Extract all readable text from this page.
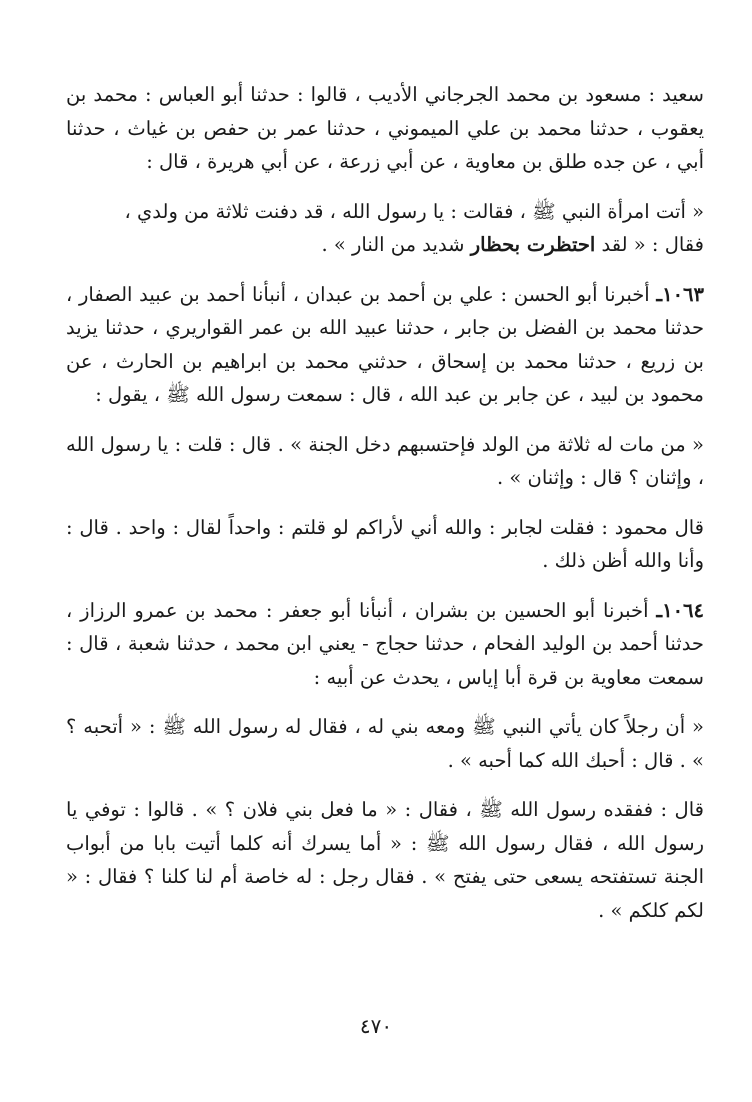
سعيد : مسعود بن محمد الجرجاني الأديب ، قالوا : حدثنا أبو العباس : محمد بن يعقوب ، حدثنا محمد بن علي الميموني ، حدثنا عمر بن حفص بن غياث ، حدثنا أبي ، عن جده طلق بن معاوية ، عن أبي زرعة ، عن أبي هريرة ، قال :

« أتت امرأة النبي ﷺ ، فقالت : يا رسول الله ، قد دفنت ثلاثة من ولدي ،

فقال : « لقد احتظرت بحظار شديد من النار » .

١٠٦٣ـ أخبرنا أبو الحسن : علي بن أحمد بن عبدان ، أنبأنا أحمد بن عبيد الصفار ، حدثنا محمد بن الفضل بن جابر ، حدثنا عبيد الله بن عمر القواريري ، حدثنا يزيد بن زريع ، حدثنا محمد بن إسحاق ، حدثني محمد بن ابراهيم بن الحارث ، عن محمود بن لبيد ، عن جابر بن عبد الله ، قال : سمعت رسول الله ﷺ ، يقول :

« من مات له ثلاثة من الولد فإحتسبهم دخل الجنة » . قال : قلت : يا رسول الله ، وإثنان ؟ قال : وإثنان » .

قال محمود : فقلت لجابر : والله أني لأراكم لو قلتم : واحداً لقال : واحد . قال : وأنا والله أظن ذلك .

١٠٦٤ـ أخبرنا أبو الحسين بن بشران ، أنبأنا أبو جعفر : محمد بن عمرو الرزاز ، حدثنا أحمد بن الوليد الفحام ، حدثنا حجاج - يعني ابن محمد ، حدثنا شعبة ، قال : سمعت معاوية بن قرة أبا إياس ، يحدث عن أبيه :

« أن رجلاً كان يأتي النبي ﷺ ومعه بني له ، فقال له رسول الله ﷺ : « أتحبه ؟ » . قال : أحبك الله كما أحبه » .

قال : ففقده رسول الله ﷺ ، فقال : « ما فعل بني فلان ؟ » . قالوا : توفي يا رسول الله ، فقال رسول الله ﷺ : « أما يسرك أنه كلما أتيت بابا من أبواب الجنة تستفتحه يسعى حتى يفتح » . فقال رجل : له خاصة أم لنا كلنا ؟ فقال : « لكم كلكم » .

٤٧٠
